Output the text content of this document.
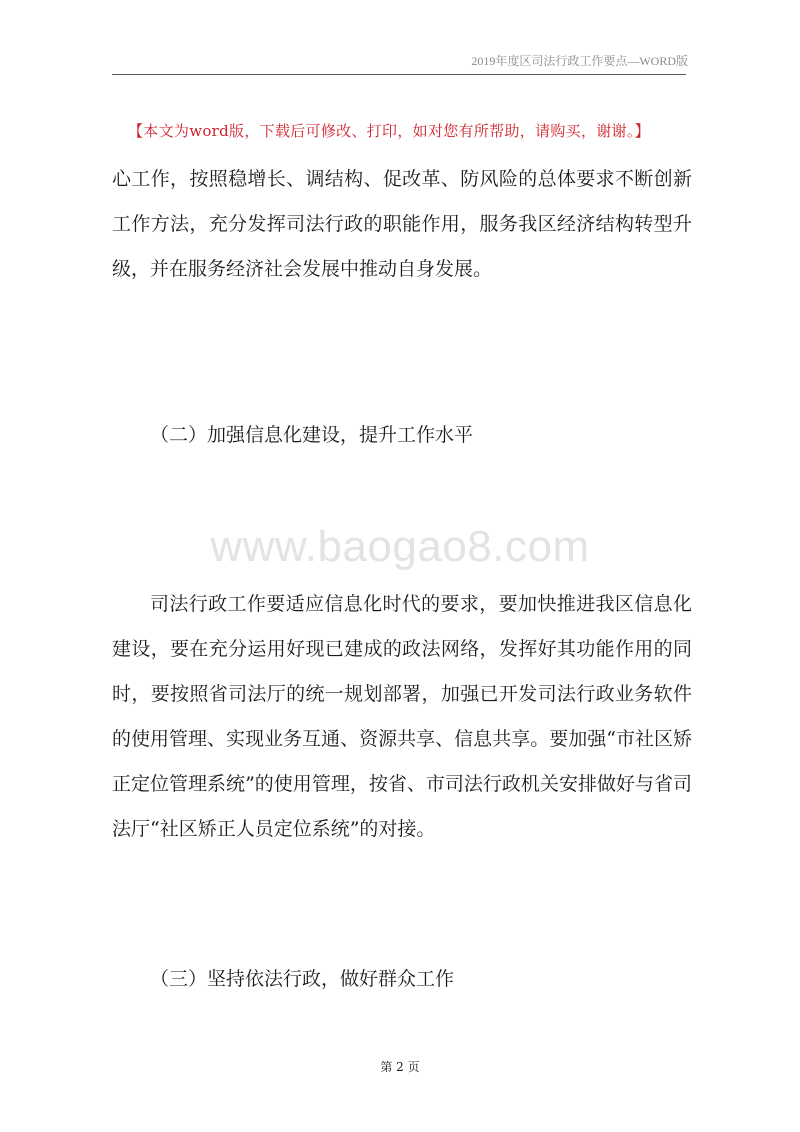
2019年度区司法行政工作要点—WORD版
【本文为word版，下载后可修改、打印，如对您有所帮助，请购买，谢谢。】

心工作，按照稳增长、调结构、促改革、防风险的总体要求不断创新工作方法，充分发挥司法行政的职能作用，服务我区经济结构转型升级，并在服务经济社会发展中推动自身发展。

（二）加强信息化建设，提升工作水平

www.baogao8.com

司法行政工作要适应信息化时代的要求，要加快推进我区信息化建设，要在充分运用好现已建成的政法网络，发挥好其功能作用的同时，要按照省司法厅的统一规划部署，加强已开发司法行政业务软件的使用管理、实现业务互通、资源共享、信息共享。要加强“市社区矫正定位管理系统”的使用管理，按省、市司法行政机关安排做好与省司法厅“社区矫正人员定位系统”的对接。

（三）坚持依法行政，做好群众工作

第 2 页
